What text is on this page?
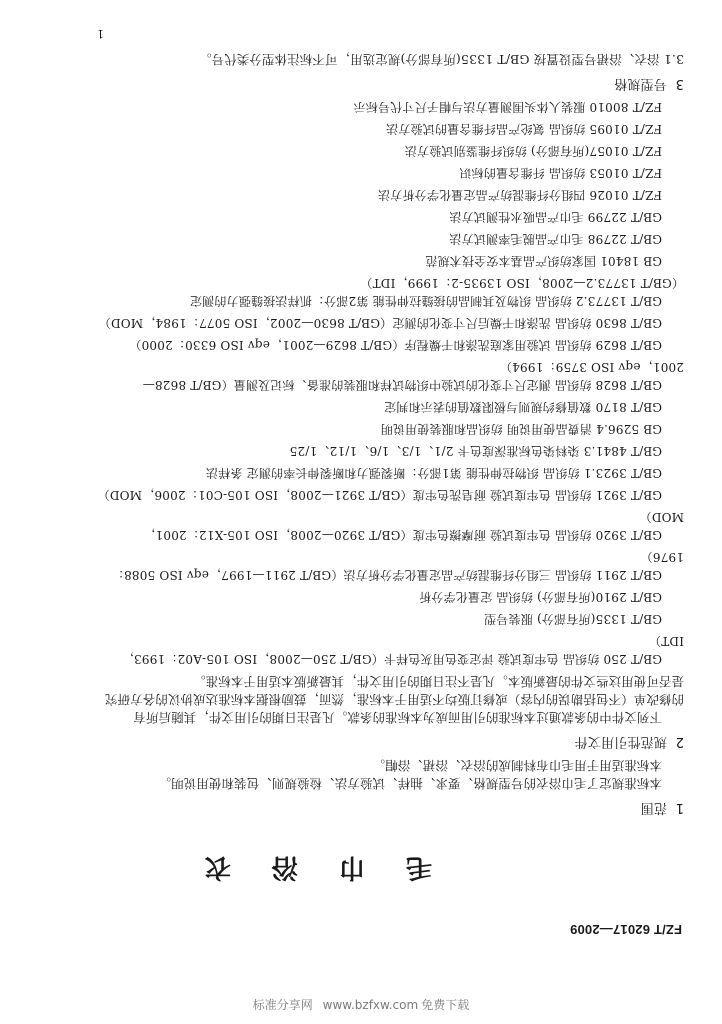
FZ/T 62017—2009
毛 巾 浴 衣
1  范围
本标准规定了毛巾浴衣的号型规格、要求、抽样、试验方法、检验规则、包装和使用说明。
本标准适用于用毛巾布料制成的浴衣、浴裙、浴帽。
2  规范性引用文件
下列文件中的条款通过本标准的引用而成为本标准的条款。凡是注日期的引用文件，其随后所有
的修改单（不包括勘误的内容）或修订版均不适用于本标准，然而，鼓励根据本标准达成协议的各方研究
是否可使用这些文件的最新版本。凡是不注日期的引用文件，其最新版本适用于本标准。
GB/T 250 纺织品 色牢度试验 评定变色用灰色样卡（GB/T 250—2008，ISO 105-A02：1993，
IDT）
GB/T 1335(所有部分) 服装号型
GB/T 2910(所有部分) 纺织品 定量化学分析
GB/T 2911 纺织品 三组分纤维混纺产品定量化学分析方法（GB/T 2911—1997，eqv ISO 5088：
1976）
GB/T 3920 纺织品 色牢度试验 耐摩擦色牢度（GB/T 3920—2008，ISO 105-X12：2001，
MOD）
GB/T 3921 纺织品 色牢度试验 耐皂洗色牢度（GB/T 3921—2008，ISO 105-C01：2006，MOD）
GB/T 3923.1 纺织品 织物拉伸性能 第1部分：断裂强力和断裂伸长率的测定 条样法
GB/T 4841.3 染料染色标准深度色卡 2/1、1/3、1/6、1/12、1/25
GB 5296.4 消费品使用说明 纺织品和服装使用说明
GB/T 8170 数值修约规则与极限数值的表示和判定
GB/T 8628 纺织品 测定尺寸变化的试验中织物试样和服装的准备、标记及测量（GB/T 8628—
2001，eqv ISO 3759：1994）
GB/T 8629 纺织品 试验用家庭洗涤和干燥程序（GB/T 8629—2001，eqv ISO 6330：2000）
GB/T 8630 纺织品 洗涤和干燥后尺寸变化的测定（GB/T 8630—2002，ISO 5077：1984，MOD）
GB/T 13773.2 纺织品 织物及其制品的接缝拉伸性能 第2部分：抓样法接缝强力的测定
（GB/T 13773.2—2008，ISO 13935-2：1999，IDT）
GB 18401 国家纺织产品基本安全技术规范
GB/T 22798 毛巾产品脱毛率测试方法
GB/T 22799 毛巾产品吸水性测试方法
FZ/T 01026 四组分纤维混纺产品定量化学分析方法
FZ/T 01053 纺织品 纤维含量的标识
FZ/T 01057(所有部分) 纺织纤维鉴别试验方法
FZ/T 01095 纺织品 氨纶产品纤维含量的试验方法
FZ/T 80010 服装人体头围测量方法与帽子尺寸代号标示
3  号型规格
3.1 浴衣、浴裙号型设置按 GB/T 1335(所有部分)规定选用，可不标注体型分类代号。
1
标准分享网 www.bzfxw.com 免费下载
